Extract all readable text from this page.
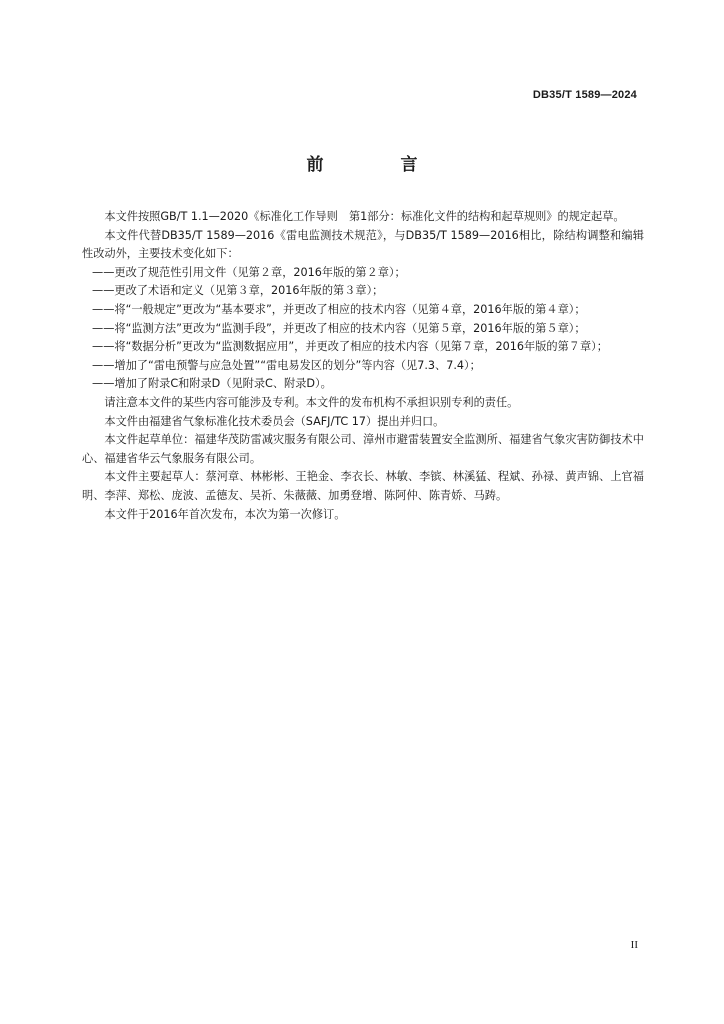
DB35/T 1589—2024
前　言

本文件按照GB/T 1.1—2020《标准化工作导则　第1部分：标准化文件的结构和起草规则》的规定起草。

本文件代替DB35/T 1589—2016《雷电监测技术规范》，与DB35/T 1589—2016相比，除结构调整和编辑性改动外，主要技术变化如下：

——更改了规范性引用文件（见第２章，2016年版的第２章）；

——更改了术语和定义（见第３章，2016年版的第３章）；

——将“一般规定”更改为“基本要求”，并更改了相应的技术内容（见第４章，2016年版的第４章）；

——将“监测方法”更改为“监测手段”，并更改了相应的技术内容（见第５章，2016年版的第５章）；

——将“数据分析”更改为“监测数据应用”，并更改了相应的技术内容（见第７章，2016年版的第７章）；

——增加了“雷电预警与应急处置”“雷电易发区的划分”等内容（见7.3、7.4）；

——增加了附录C和附录D（见附录C、附录D）。

请注意本文件的某些内容可能涉及专利。本文件的发布机构不承担识别专利的责任。

本文件由福建省气象标准化技术委员会（SAFJ/TC 17）提出并归口。

本文件起草单位：福建华茂防雷减灾服务有限公司、漳州市避雷装置安全监测所、福建省气象灾害防御技术中心、福建省华云气象服务有限公司。

本文件主要起草人：蔡河章、林彬彬、王艳金、李衣长、林敏、李镔、林溪猛、程斌、孙禄、黄声锦、上官福明、李萍、郑松、庞波、孟德友、吴祈、朱薇薇、加勇登增、陈阿仲、陈青娇、马踌。

本文件于2016年首次发布，本次为第一次修订。

II
